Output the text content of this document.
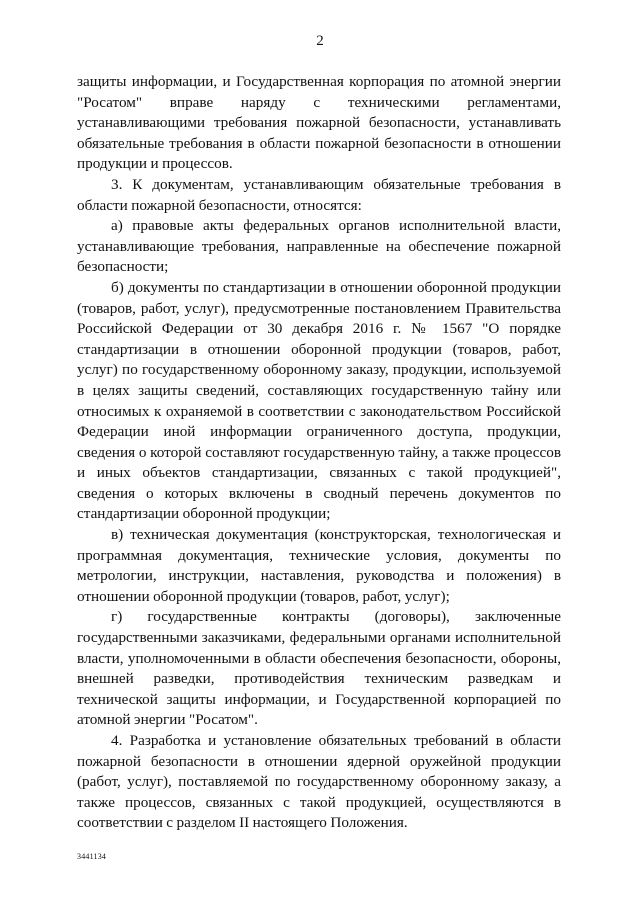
2

защиты информации, и Государственная корпорация по атомной энергии "Росатом" вправе наряду с техническими регламентами, устанавливающими требования пожарной безопасности, устанавливать обязательные требования в области пожарной безопасности в отношении продукции и процессов.

3. К документам, устанавливающим обязательные требования в области пожарной безопасности, относятся:

а) правовые акты федеральных органов исполнительной власти, устанавливающие требования, направленные на обеспечение пожарной безопасности;

б) документы по стандартизации в отношении оборонной продукции (товаров, работ, услуг), предусмотренные постановлением Правительства Российской Федерации от 30 декабря 2016 г. № 1567 "О порядке стандартизации в отношении оборонной продукции (товаров, работ, услуг) по государственному оборонному заказу, продукции, используемой в целях защиты сведений, составляющих государственную тайну или относимых к охраняемой в соответствии с законодательством Российской Федерации иной информации ограниченного доступа, продукции, сведения о которой составляют государственную тайну, а также процессов и иных объектов стандартизации, связанных с такой продукцией", сведения о которых включены в сводный перечень документов по стандартизации оборонной продукции;

в) техническая документация (конструкторская, технологическая и программная документация, технические условия, документы по метрологии, инструкции, наставления, руководства и положения) в отношении оборонной продукции (товаров, работ, услуг);

г) государственные контракты (договоры), заключенные государственными заказчиками, федеральными органами исполнительной власти, уполномоченными в области обеспечения безопасности, обороны, внешней разведки, противодействия техническим разведкам и технической защиты информации, и Государственной корпорацией по атомной энергии "Росатом".

4. Разработка и установление обязательных требований в области пожарной безопасности в отношении ядерной оружейной продукции (работ, услуг), поставляемой по государственному оборонному заказу, а также процессов, связанных с такой продукцией, осуществляются в соответствии с разделом II настоящего Положения.

3441134
